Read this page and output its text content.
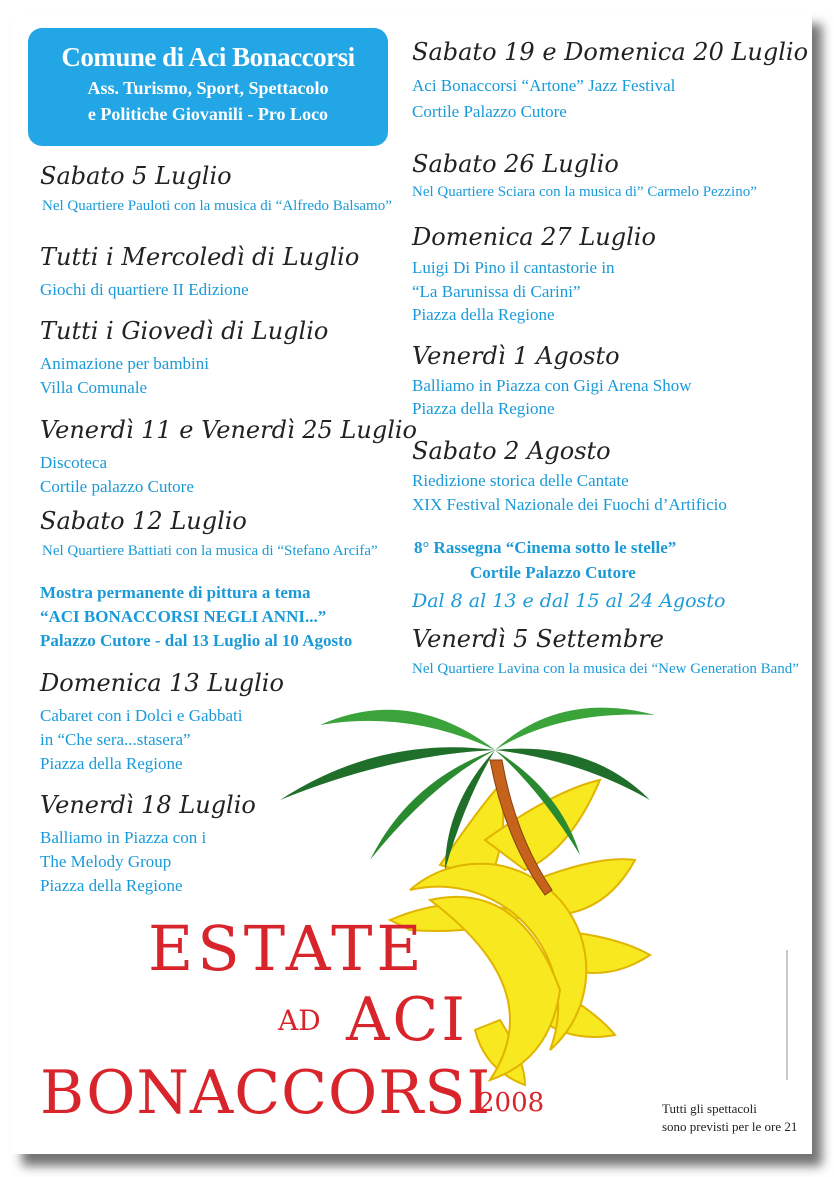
Comune di Aci Bonaccorsi
Ass. Turismo, Sport, Spettacolo
e Politiche Giovanili - Pro Loco
Sabato 5 Luglio
Nel Quartiere Pauloti con la musica di “Alfredo Balsamo”
Tutti i Mercoledì di Luglio
Giochi di quartiere II Edizione
Tutti i Giovedì di Luglio
Animazione per bambini
Villa Comunale
Venerdì 11 e Venerdì 25 Luglio
Discoteca
Cortile palazzo Cutore
Sabato 12 Luglio
Nel Quartiere Battiati con la musica di “Stefano Arcifa”
Mostra permanente di pittura a tema
“ACI BONACCORSI NEGLI ANNI...”
Palazzo Cutore - dal 13 Luglio al 10 Agosto
Domenica 13 Luglio
Cabaret con i Dolci e Gabbati
in “Che sera...stasera”
Piazza della Regione
Venerdì 18 Luglio
Balliamo in Piazza con i
The Melody Group
Piazza della Regione
Sabato 19 e Domenica 20 Luglio
Aci Bonaccorsi “Artone” Jazz Festival
Cortile Palazzo Cutore
Sabato 26 Luglio
Nel Quartiere Sciara con la musica di” Carmelo Pezzino”
Domenica 27 Luglio
Luigi Di Pino il cantastorie in
“La Barunissa di Carini”
Piazza della Regione
Venerdì 1 Agosto
Balliamo in Piazza con Gigi Arena Show
Piazza della Regione
Sabato 2 Agosto
Riedizione storica delle Cantate
XIX Festival Nazionale dei Fuochi d’Artificio
8° Rassegna “Cinema sotto le stelle”
Cortile Palazzo Cutore
Dal 8 al 13 e dal 15 al 24 Agosto
Venerdì 5 Settembre
Nel Quartiere Lavina con la musica dei “New Generation Band”
ESTATE
AD ACI
BONACCORSI
2008	Tutti gli spettacoli
sono previsti per le ore 21
